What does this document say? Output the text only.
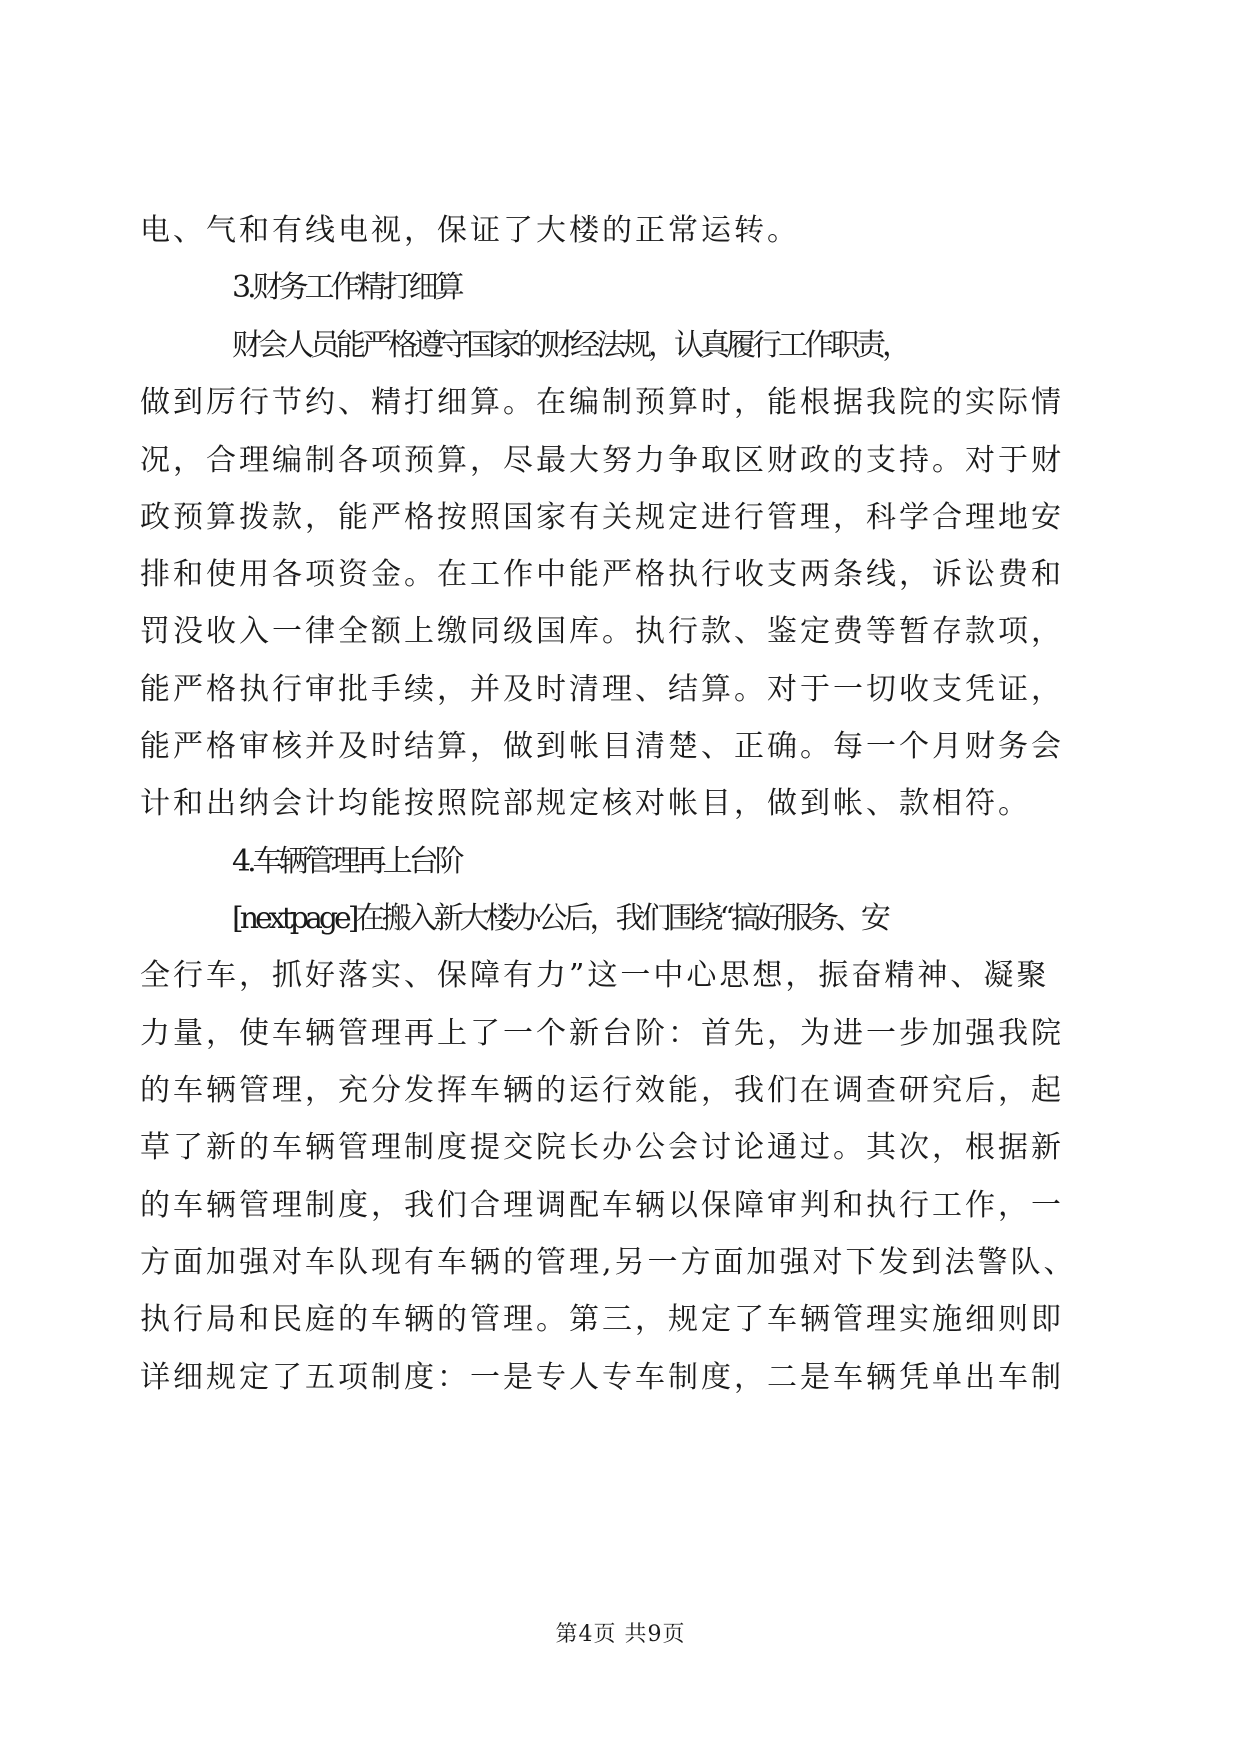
电、气和有线电视，保证了大楼的正常运转。
3.财务工作精打细算
财会人员能严格遵守国家的财经法规，认真履行工作职责，
做到厉行节约、精打细算。在编制预算时，能根据我院的实际情
况，合理编制各项预算，尽最大努力争取区财政的支持。对于财
政预算拨款，能严格按照国家有关规定进行管理，科学合理地安
排和使用各项资金。在工作中能严格执行收支两条线，诉讼费和
罚没收入一律全额上缴同级国库。执行款、鉴定费等暂存款项，
能严格执行审批手续，并及时清理、结算。对于一切收支凭证，
能严格审核并及时结算，做到帐目清楚、正确。每一个月财务会
计和出纳会计均能按照院部规定核对帐目，做到帐、款相符。
4.车辆管理再上台阶
[nextpage]在搬入新大楼办公后，我们围绕“搞好服务、安
全行车，抓好落实、保障有力”这一中心思想，振奋精神、凝聚
力量，使车辆管理再上了一个新台阶：首先，为进一步加强我院
的车辆管理，充分发挥车辆的运行效能，我们在调查研究后，起
草了新的车辆管理制度提交院长办公会讨论通过。其次，根据新
的车辆管理制度，我们合理调配车辆以保障审判和执行工作，一
方面加强对车队现有车辆的管理,另一方面加强对下发到法警队、
执行局和民庭的车辆的管理。第三，规定了车辆管理实施细则即
详细规定了五项制度：一是专人专车制度，二是车辆凭单出车制
第4页 共9页
